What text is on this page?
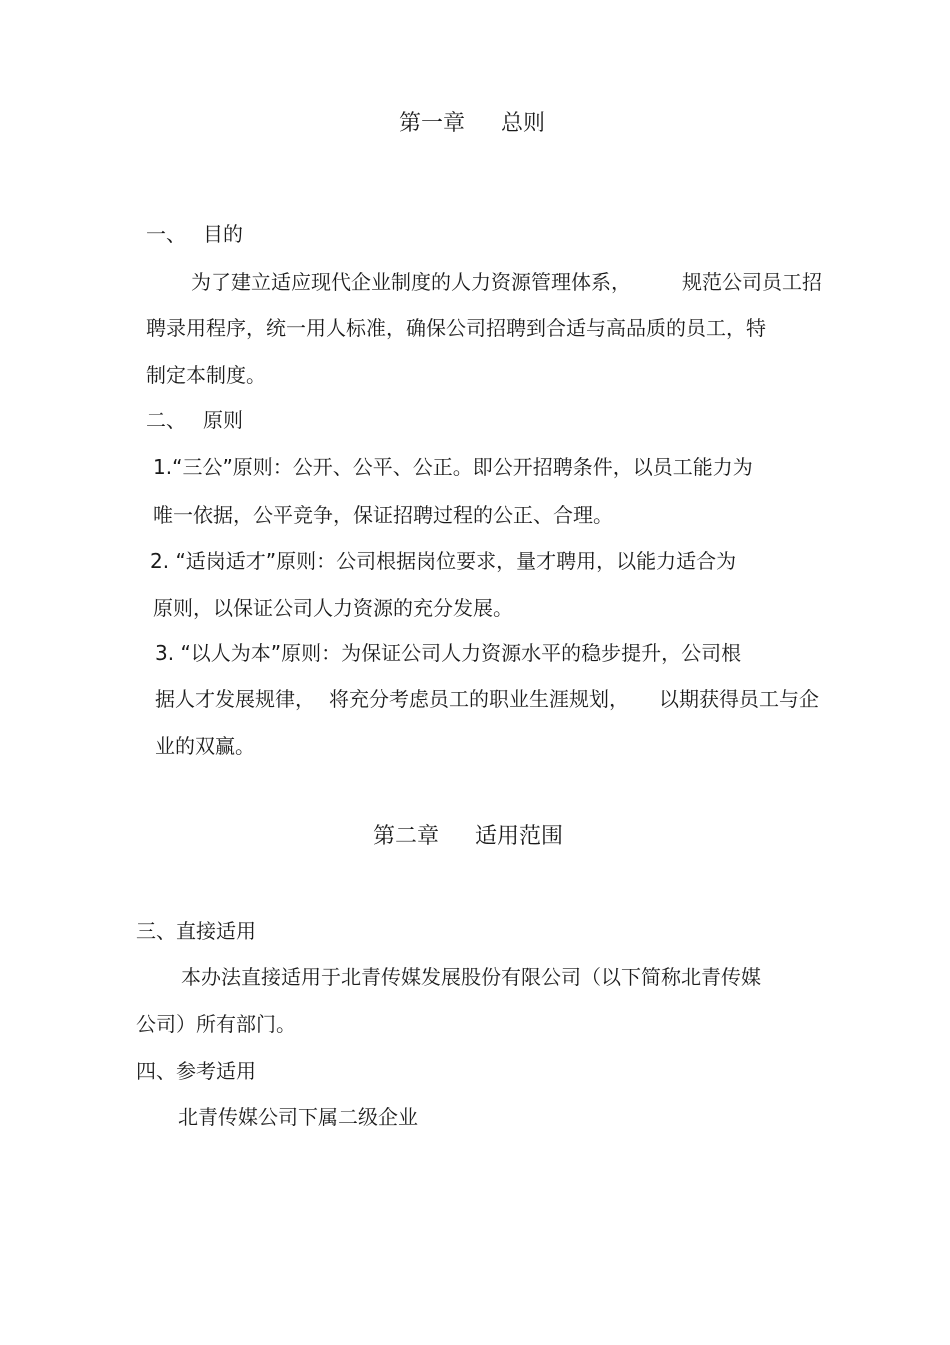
第一章 总则
一、 目的
为了建立适应现代企业制度的人力资源管理体系，	规范公司员工招
聘录用程序，统一用人标准，确保公司招聘到合适与高品质的员工，特
制定本制度。
二、 原则
1.“三公”原则：公开、公平、公正。即公开招聘条件，以员工能力为
唯一依据，公平竞争，保证招聘过程的公正、合理。
2. “适岗适才”原则：公司根据岗位要求，量才聘用，以能力适合为
原则，以保证公司人力资源的充分发展。
3. “以人为本”原则：为保证公司人力资源水平的稳步提升，公司根
据人才发展规律， 将充分考虑员工的职业生涯规划， 以期获得员工与企
业的双赢。
第二章 适用范围
三、直接适用
本办法直接适用于北青传媒发展股份有限公司（以下简称北青传媒
公司）所有部门。
四、参考适用
北青传媒公司下属二级企业
